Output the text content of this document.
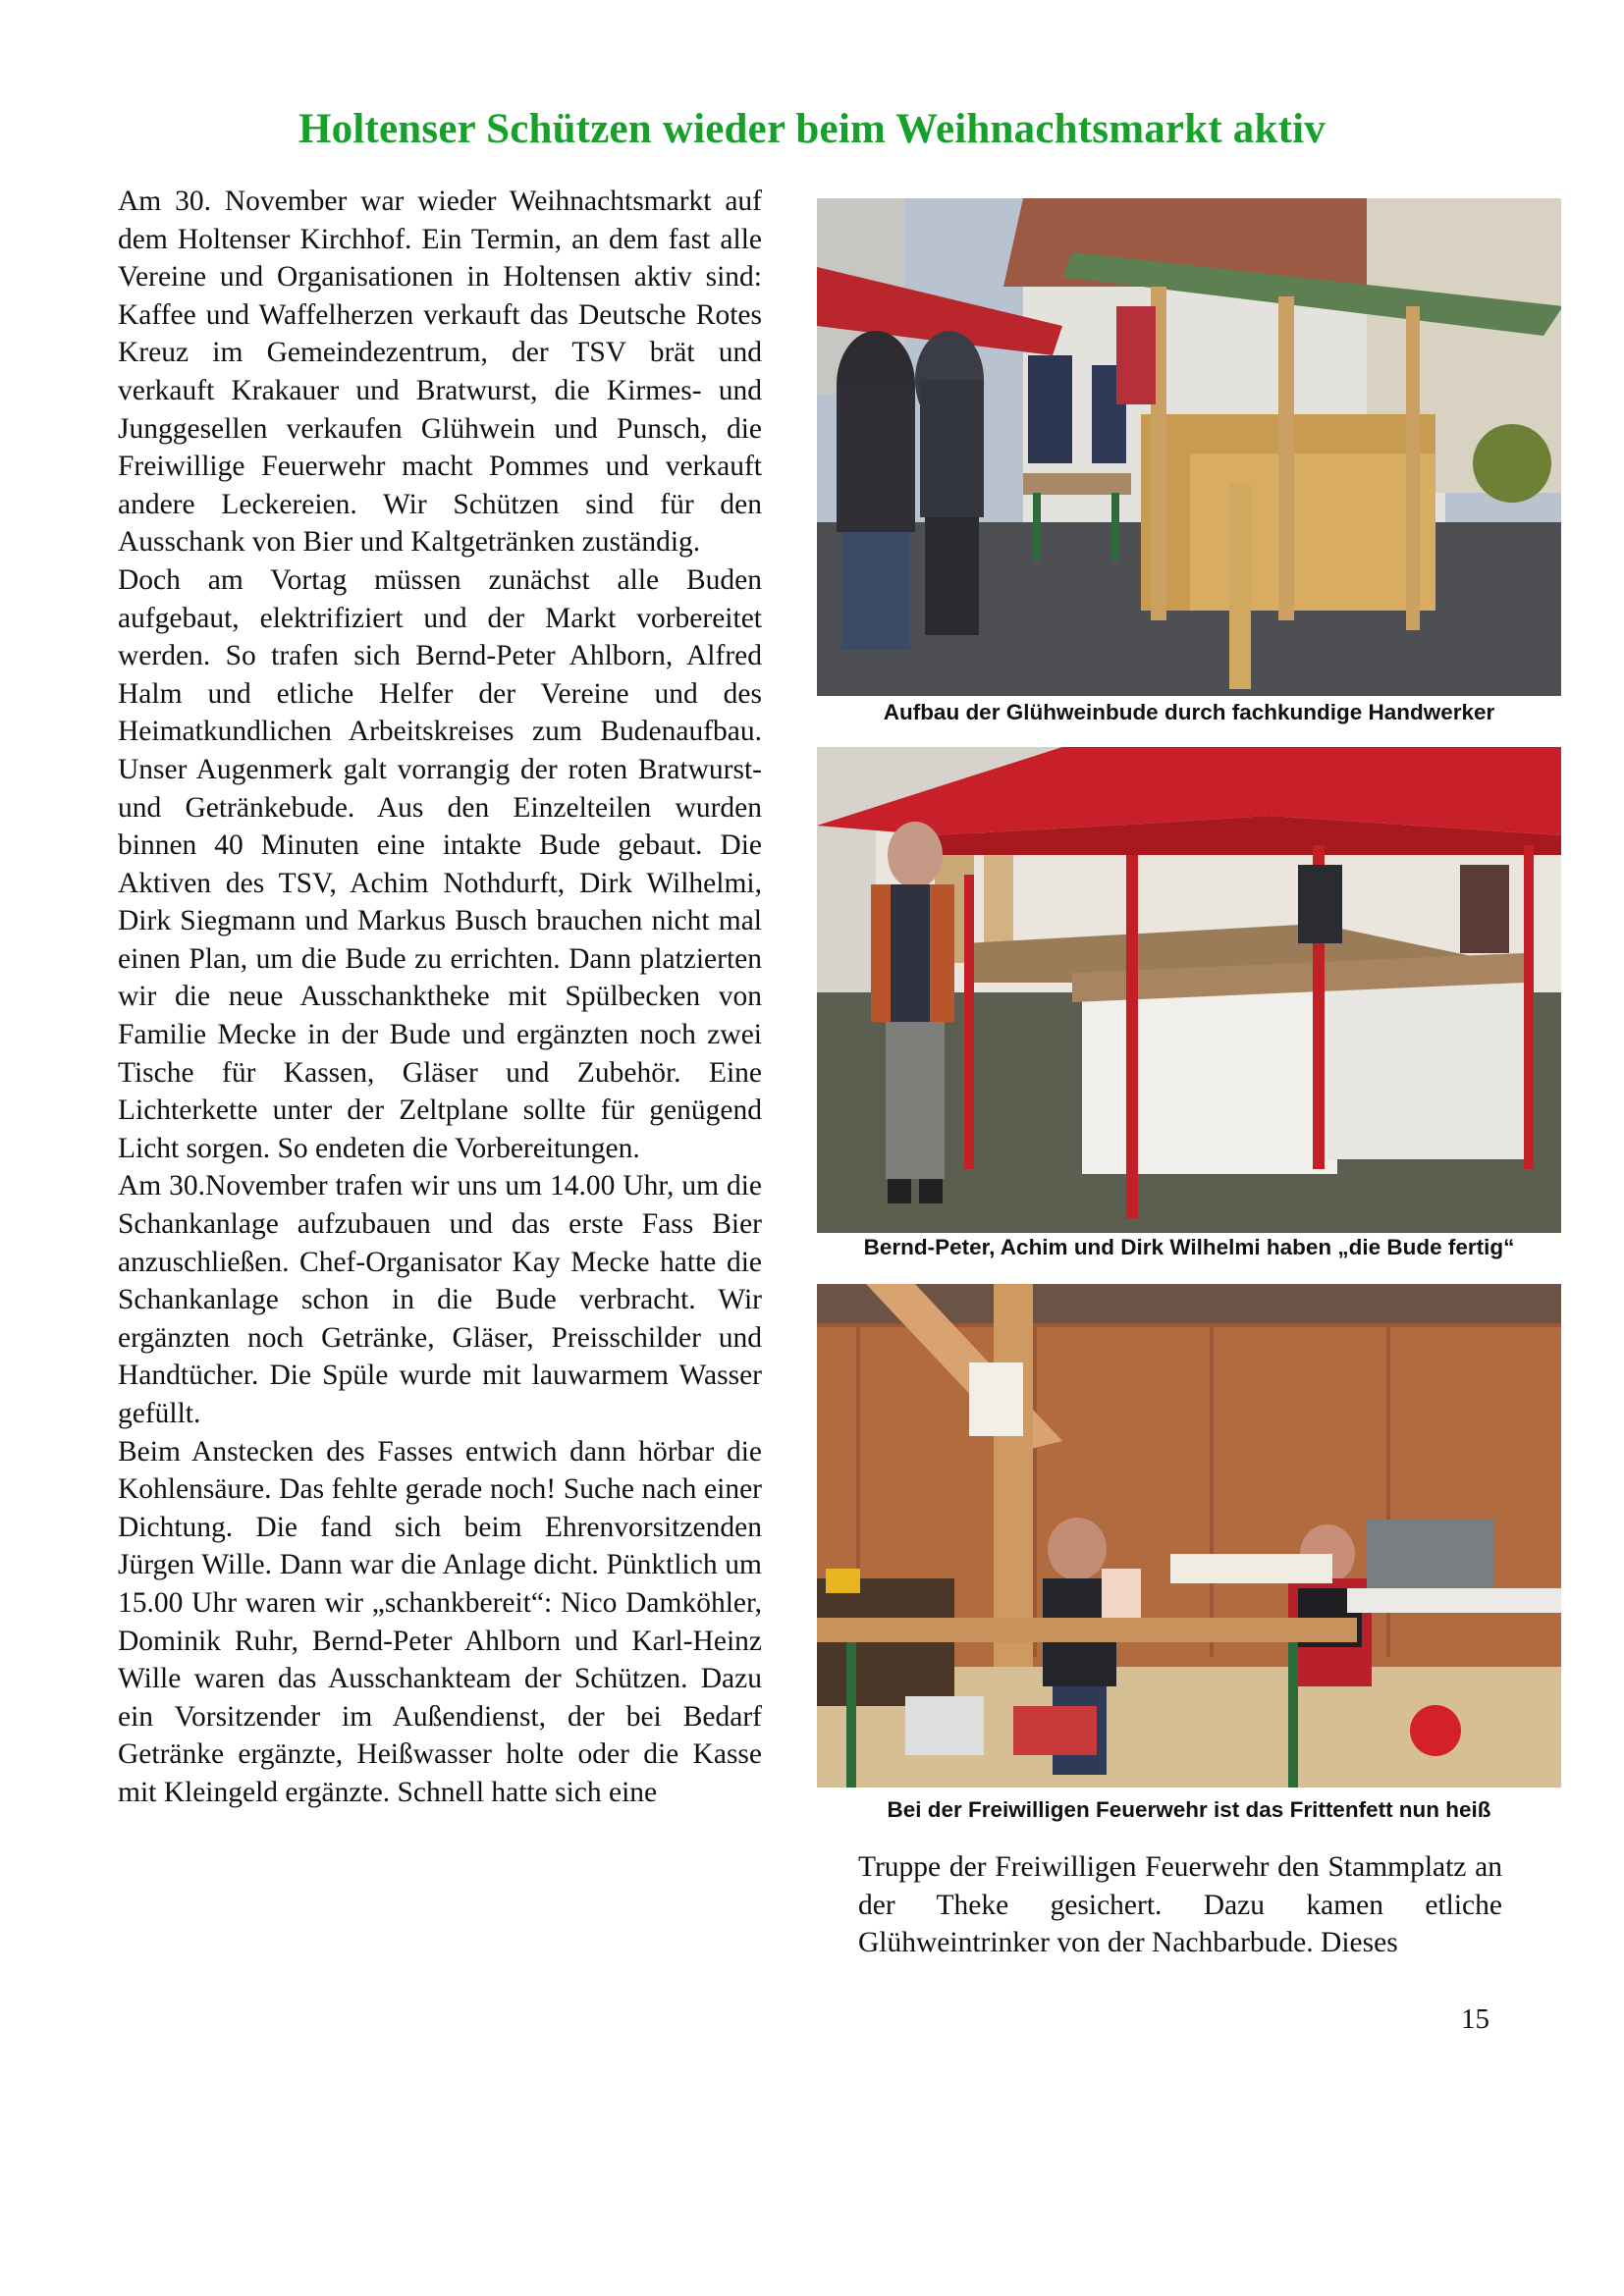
Holtenser Schützen wieder beim Weihnachtsmarkt aktiv

Am 30. November war wieder Weihnachtsmarkt auf dem Holtenser Kirchhof. Ein Termin, an dem fast alle Vereine und Organisationen in Holtensen aktiv sind: Kaffee und Waffelherzen verkauft das Deutsche Rotes Kreuz im Gemeindezentrum, der TSV brät und verkauft Krakauer und Bratwurst, die Kirmes- und Junggesellen verkaufen Glühwein und Punsch, die Freiwillige Feuerwehr macht Pommes und verkauft andere Leckereien. Wir Schützen sind für den Ausschank von Bier und Kaltgetränken zuständig.

Doch am Vortag müssen zunächst alle Buden aufgebaut, elektrifiziert und der Markt vorbereitet werden. So trafen sich Bernd-Peter Ahlborn, Alfred Halm und etliche Helfer der Vereine und des Heimatkundlichen Arbeitskreises zum Budenaufbau. Unser Augenmerk galt vorrangig der roten Bratwurst- und Getränkebude. Aus den Einzelteilen wurden binnen 40 Minuten eine intakte Bude gebaut. Die Aktiven des TSV, Achim Nothdurft, Dirk Wilhelmi, Dirk Siegmann und Markus Busch brauchen nicht mal einen Plan, um die Bude zu errichten. Dann platzierten wir die neue Ausschanktheke mit Spülbecken von Familie Mecke in der Bude und ergänzten noch zwei Tische für Kassen, Gläser und Zubehör. Eine Lichterkette unter der Zeltplane sollte für genügend Licht sorgen. So endeten die Vorbereitungen.

Am 30.November trafen wir uns um 14.00 Uhr, um die Schankanlage aufzubauen und das erste Fass Bier anzuschließen. Chef-Organisator Kay Mecke hatte die Schankanlage schon in die Bude verbracht. Wir ergänzten noch Getränke, Gläser, Preisschilder und Handtücher. Die Spüle wurde mit lauwarmem Wasser gefüllt.

Beim Anstecken des Fasses entwich dann hörbar die Kohlensäure. Das fehlte gerade noch! Suche nach einer Dichtung. Die fand sich beim Ehrenvorsitzenden Jürgen Wille. Dann war die Anlage dicht. Pünktlich um 15.00 Uhr waren wir „schankbereit“: Nico Damköhler, Dominik Ruhr, Bernd-Peter Ahlborn und Karl-Heinz Wille waren das Ausschankteam der Schützen. Dazu ein Vorsitzender im Außendienst, der bei Bedarf Getränke ergänzte, Heißwasser holte oder die Kasse mit Kleingeld ergänzte. Schnell hatte sich eine

Aufbau der Glühweinbude durch fachkundige Handwerker
Bernd-Peter, Achim und Dirk Wilhelmi haben „die Bude fertig“
Bei der Freiwilligen Feuerwehr ist das Frittenfett nun heiß

Truppe der Freiwilligen Feuerwehr den Stammplatz an der Theke gesichert. Dazu kamen etliche Glühweintrinker von der Nachbarbude. Dieses

15
